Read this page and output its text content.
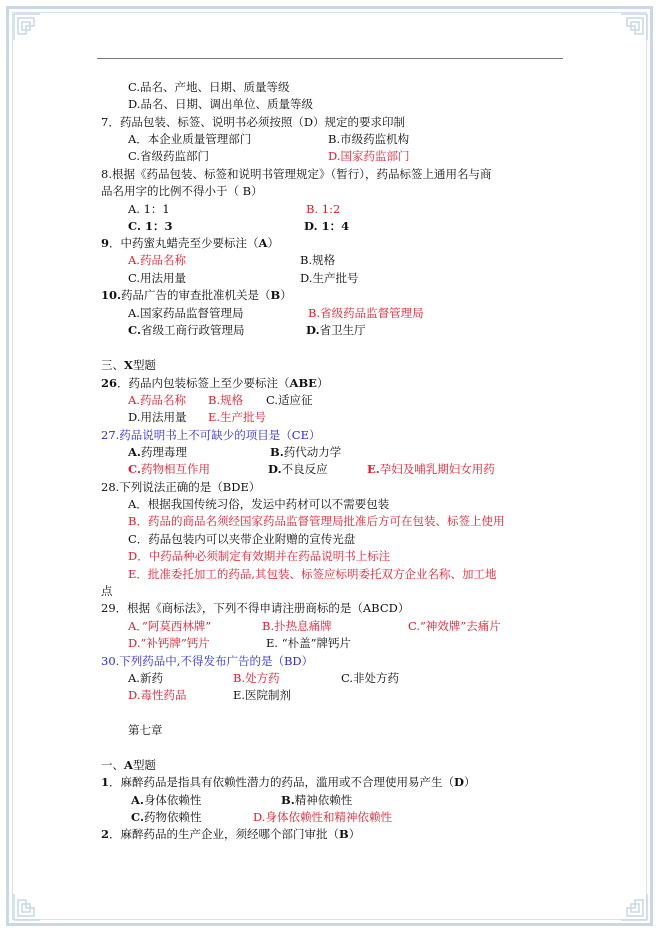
C.品名、产地、日期、质量等级
D.品名、日期、调出单位、质量等级
7．药品包装、标签、说明书必须按照（D）规定的要求印制
A．本企业质量管理部门	B.市级药监机构
C.省级药监部门	D.国家药监部门
8.根据《药品包装、标签和说明书管理规定》（暂行），药品标签上通用名与商
品名用字的比例不得小于（ B）
A. 1：1	B. 1:2
C. 1：3	D. 1：4
9．中药蜜丸蜡壳至少要标注（A）
A.药品名称	B.规格
C.用法用量	D.生产批号
10.药品广告的审查批准机关是（B）
A.国家药品监督管理局	B.省级药品监督管理局
C.省级工商行政管理局	D.省卫生厅
三、X型题
26．药品内包装标签上至少要标注（ABE）
A.药品名称 B.规格 C.适应征
D.用法用量 E.生产批号
27.药品说明书上不可缺少的项目是（CE）
A.药理毒理	B.药代动力学
C.药物相互作用	D.不良反应	E.孕妇及哺乳期妇女用药
28.下列说法正确的是（BDE）
A．根据我国传统习俗，发运中药材可以不需要包装
B．药品的商品名须经国家药品监督管理局批准后方可在包装、标签上使用
C．药品包装内可以夹带企业附赠的宣传光盘
D．中药品种必须制定有效期并在药品说明书上标注
E．批准委托加工的药品,其包装、标签应标明委托双方企业名称、加工地
点
29．根据《商标法》，下列不得申请注册商标的是（ABCD）
A．”阿莫西林牌”	B.扑热息痛牌	C.”神效牌”去痛片
D.”补钙牌”钙片	E. “朴盖”牌钙片
30.下列药品中,不得发布广告的是（BD）
A.新药	B.处方药	C.非处方药
D.毒性药品	E.医院制剂
第七章
一、A型题
1．麻醉药品是指具有依赖性潜力的药品，滥用或不合理使用易产生（D）
A.身体依赖性	B.精神依赖性
C.药物依赖性	D.身体依赖性和精神依赖性
2．麻醉药品的生产企业，须经哪个部门审批（B）
